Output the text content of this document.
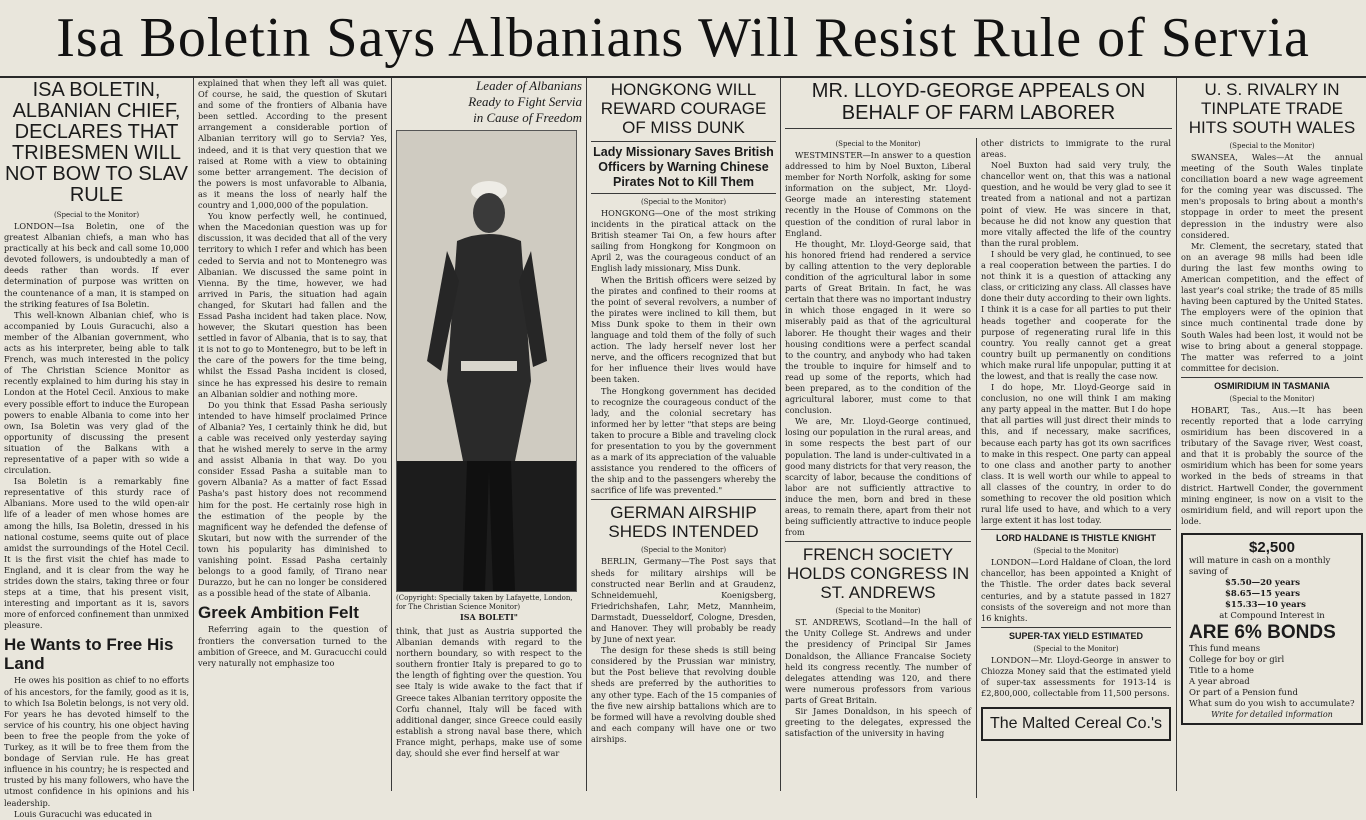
Isa Boletin Says Albanians Will Resist Rule of Servia
ISA BOLETIN, ALBANIAN CHIEF, DECLARES THAT TRIBESMEN WILL NOT BOW TO SLAV RULE
(Special to the Monitor)

LONDON—Isa Boletin, one of the greatest Albanian chiefs, a man who has practically at his beck and call some 10,000 devoted followers, is undoubtedly a man of deeds rather than words. If ever determination of purpose was written on the countenance of a man, it is stamped on the striking features of Isa Boletin.

This well-known Albanian chief, who is accompanied by Louis Guracuchi, also a member of the Albanian government, who acts as his interpreter, being able to talk French, was much interested in the policy of The Christian Science Monitor as recently explained to him during his stay in London at the Hotel Cecil. Anxious to make every possible effort to induce the European powers to enable Albania to come into her own, Isa Boletin was very glad of the opportunity of discussing the present situation of the Balkans with a representative of a paper with so wide a circulation.

Isa Boletin is a remarkably fine representative of this sturdy race of Albanians. More used to the wild open-air life of a leader of men whose homes are among the hills, Isa Boletin, dressed in his national costume, seems quite out of place amidst the surroundings of the Hotel Cecil. It is the first visit the chief has made to England, and it is clear from the way he strides down the stairs, taking three or four steps at a time, that his present visit, interesting and important as it is, savors more of enforced confinement than unmixed pleasure.

He Wants to Free His Land

He owes his position as chief to no efforts of his ancestors, for the family, good as it is, to which Isa Boletin belongs, is not very old. For years he has devoted himself to the service of his country, his one object having been to free the people from the yoke of Turkey, as it will be to free them from the bondage of Servian rule. He has great influence in his country; he is respected and trusted by his many followers, who have the utmost confidence in his opinions and his leadership.

Louis Guracuchi was educated in

explained that when they left all was quiet. Of course, he said, the question of Skutari and some of the frontiers of Albania have been settled. According to the present arrangement a considerable portion of Albanian territory will go to Servia? Yes, indeed, and it is that very question that we raised at Rome with a view to obtaining some better arrangement. The decision of the powers is most unfavorable to Albania, as it means the loss of nearly half the country and 1,000,000 of the population.

You know perfectly well, he continued, when the Macedonian question was up for discussion, it was decided that all of the very territory to which I refer and which has been ceded to Servia and not to Montenegro was Albanian. We discussed the same point in Vienna. By the time, however, we had arrived in Paris, the situation had again changed, for Skutari had fallen and the Essad Pasha incident had taken place. Now, however, the Skutari question has been settled in favor of Albania, that is to say, that it is not to go to Montenegro, but to be left in the care of the powers for the time being, whilst the Essad Pasha incident is closed, since he has expressed his desire to remain an Albanian soldier and nothing more.

Do you think that Essad Pasha seriously intended to have himself proclaimed Prince of Albania? Yes, I certainly think he did, but a cable was received only yesterday saying that he wished merely to serve in the army and assist Albania in that way. Do you consider Essad Pasha a suitable man to govern Albania? As a matter of fact Essad Pasha's past history does not recommend him for the post. He certainly rose high in the estimation of the people by the magnificent way he defended the defense of Skutari, but now with the surrender of the town his popularity has diminished to vanishing point. Essad Pasha certainly belongs to a good family, of Tirano near Durazzo, but he can no longer be considered as a possible head of the state of Albania.

Greek Ambition Felt

Referring again to the question of frontiers the conversation turned to the ambition of Greece, and M. Guracucchi could very naturally not emphasize too

Leader of Albanians
Ready to Fight Servia
in Cause of Freedom
(Copyright: Specially taken by Lafayette, London, for The Christian Science Monitor)
ISA BOLETI"

think, that just as Austria supported the Albanian demands with regard to the northern boundary, so with respect to the southern frontier Italy is prepared to go to the length of fighting over the question. You see Italy is wide awake to the fact that if Greece takes Albanian territory opposite the Corfu channel, Italy will be faced with additional danger, since Greece could easily establish a strong naval base there, which France might, perhaps, make use of some day, should she ever find herself at war

HONGKONG WILL REWARD COURAGE OF MISS DUNK
Lady Missionary Saves British Officers by Warning Chinese Pirates Not to Kill Them
(Special to the Monitor)

HONGKONG—One of the most striking incidents in the piratical attack on the British steamer Tai On, a few hours after sailing from Hongkong for Kongmoon on April 2, was the courageous conduct of an English lady missionary, Miss Dunk.

When the British officers were seized by the pirates and confined to their rooms at the point of several revolvers, a number of the pirates were inclined to kill them, but Miss Dunk spoke to them in their own language and told them of the folly of such action. The lady herself never lost her nerve, and the officers recognized that but for her influence their lives would have been taken.

The Hongkong government has decided to recognize the courageous conduct of the lady, and the colonial secretary has informed her by letter "that steps are being taken to procure a Bible and traveling clock for presentation to you by the government as a mark of its appreciation of the valuable assistance you rendered to the officers of the ship and to the passengers whereby the sacrifice of life was prevented."

GERMAN AIRSHIP SHEDS INTENDED
(Special to the Monitor)

BERLIN, Germany—The Post says that sheds for military airships will be constructed near Berlin and at Graudenz, Schneidemuehl, Koenigsberg, Friedrichshafen, Lahr, Metz, Mannheim, Darmstadt, Duesseldorf, Cologne, Dresden, and Hanover. They will probably be ready by June of next year.

The design for these sheds is still being considered by the Prussian war ministry, but the Post believe that revolving double sheds are preferred by the authorities to any other type. Each of the 15 companies of the five new airship battalions which are to be formed will have a revolving double shed and each company will have one or two airships.

MR. LLOYD-GEORGE APPEALS ON BEHALF OF FARM LABORER
(Special to the Monitor)

WESTMINSTER—In answer to a question addressed to him by Noel Buxton, Liberal member for North Norfolk, asking for some information on the subject, Mr. Lloyd-George made an interesting statement recently in the House of Commons on the question of the condition of rural labor in England.

He thought, Mr. Lloyd-George said, that his honored friend had rendered a service by calling attention to the very deplorable condition of the agricultural labor in some parts of Great Britain. In fact, he was certain that there was no important industry in which those engaged in it were so miserably paid as that of the agricultural laborer. He thought their wages and their housing conditions were a perfect scandal to the country, and anybody who had taken the trouble to inquire for himself and to read up some of the reports, which had been prepared, as to the condition of the agricultural laborer, must come to that conclusion.

We are, Mr. Lloyd-George continued, losing our population in the rural areas, and in some respects the best part of our population. The land is under-cultivated in a good many districts for that very reason, the scarcity of labor, because the conditions of labor are not sufficiently attractive to induce the men, born and bred in these areas, to remain there, apart from their not being sufficiently attractive to induce people from

FRENCH SOCIETY HOLDS CONGRESS IN ST. ANDREWS
(Special to the Monitor)

ST. ANDREWS, Scotland—In the hall of the Unity College St. Andrews and under the presidency of Principal Sir James Donaldson, the Alliance Francaise Society held its congress recently. The number of delegates attending was 120, and there were numerous professors from various parts of Great Britain.

Sir James Donaldson, in his speech of greeting to the delegates, expressed the satisfaction of the university in having

other districts to immigrate to the rural areas.

Noel Buxton had said very truly, the chancellor went on, that this was a national question, and he would be very glad to see it treated from a national and not a partizan point of view. He was sincere in that, because he did not know any question that more vitally affected the life of the country than the rural problem.

I should be very glad, he continued, to see a real cooperation between the parties. I do not think it is a question of attacking any class, or criticizing any class. All classes have done their duty according to their own lights. I think it is a case for all parties to put their heads together and cooperate for the purpose of regenerating rural life in this country. You really cannot get a great country built up permanently on conditions which make rural life unpopular, putting it at the lowest, and that is really the case now.

I do hope, Mr. Lloyd-George said in conclusion, no one will think I am making any party appeal in the matter. But I do hope that all parties will just direct their minds to this, and if necessary, make sacrifices, because each party has got its own sacrifices to make in this respect. One party can appeal to one class and another party to another class. It is well worth our while to appeal to all classes of the country, in order to do something to recover the old position which rural life used to have, and which to a very large extent it has lost today.

LORD HALDANE IS THISTLE KNIGHT
(Special to the Monitor)

LONDON—Lord Haldane of Cloan, the lord chancellor, has been appointed a Knight of the Thistle. The order dates back several centuries, and by a statute passed in 1827 consists of the sovereign and not more than 16 knights.

SUPER-TAX YIELD ESTIMATED
(Special to the Monitor)

LONDON—Mr. Lloyd-George in answer to Chiozza Money said that the estimated yield of super-tax assessments for 1913-14 is £2,800,000, collectable from 11,500 persons.

The Malted Cereal Co.'s
U. S. RIVALRY IN TINPLATE TRADE HITS SOUTH WALES
(Special to the Monitor)

SWANSEA, Wales—At the annual meeting of the South Wales tinplate conciliation board a new wage agreement for the coming year was discussed. The men's proposals to bring about a month's stoppage in order to meet the present depression in the industry were also considered.

Mr. Clement, the secretary, stated that on an average 98 mills had been idle during the last few months owing to American competition, and the effect of last year's coal strike; the trade of 85 mills having been captured by the United States. The employers were of the opinion that since much continental trade done by South Wales had been lost, it would not be wise to bring about a general stoppage. The matter was referred to a joint committee for decision.

OSMIRIDIUM IN TASMANIA
(Special to the Monitor)

HOBART, Tas., Aus.—It has been recently reported that a lode carrying osmiridium has been discovered in a tributary of the Savage river, West coast, and that it is probably the source of the osmiridium which has been for some years worked in the beds of streams in that district. Hartwell Conder, the government mining engineer, is now on a visit to the osmiridium field, and will report upon the lode.

$2,500
will mature in cash on a monthly saving of
$5.50—20 years
$8.65—15 years
$15.33—10 years
at Compound Interest in
ARE 6% BONDS
This fund means
College for boy or girl
Title to a home
A year abroad
Or part of a Pension fund
What sum do you wish to accumulate?
Write for detailed information
